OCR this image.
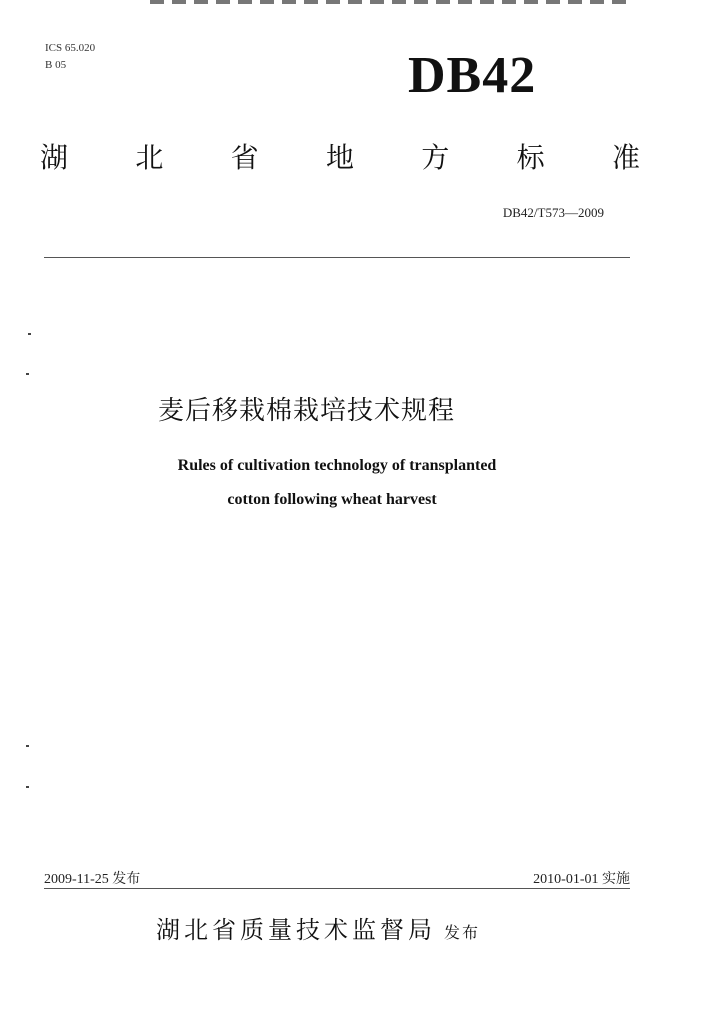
ICS 65.020
B 05	DB42
湖 北 省 地 方 标 准
DB42/T573—2009
麦后移栽棉栽培技术规程
Rules of cultivation technology of transplanted
cotton following wheat harvest
2009-11-25 发布	2010-01-01 实施
湖北省质量技术监督局 发布
